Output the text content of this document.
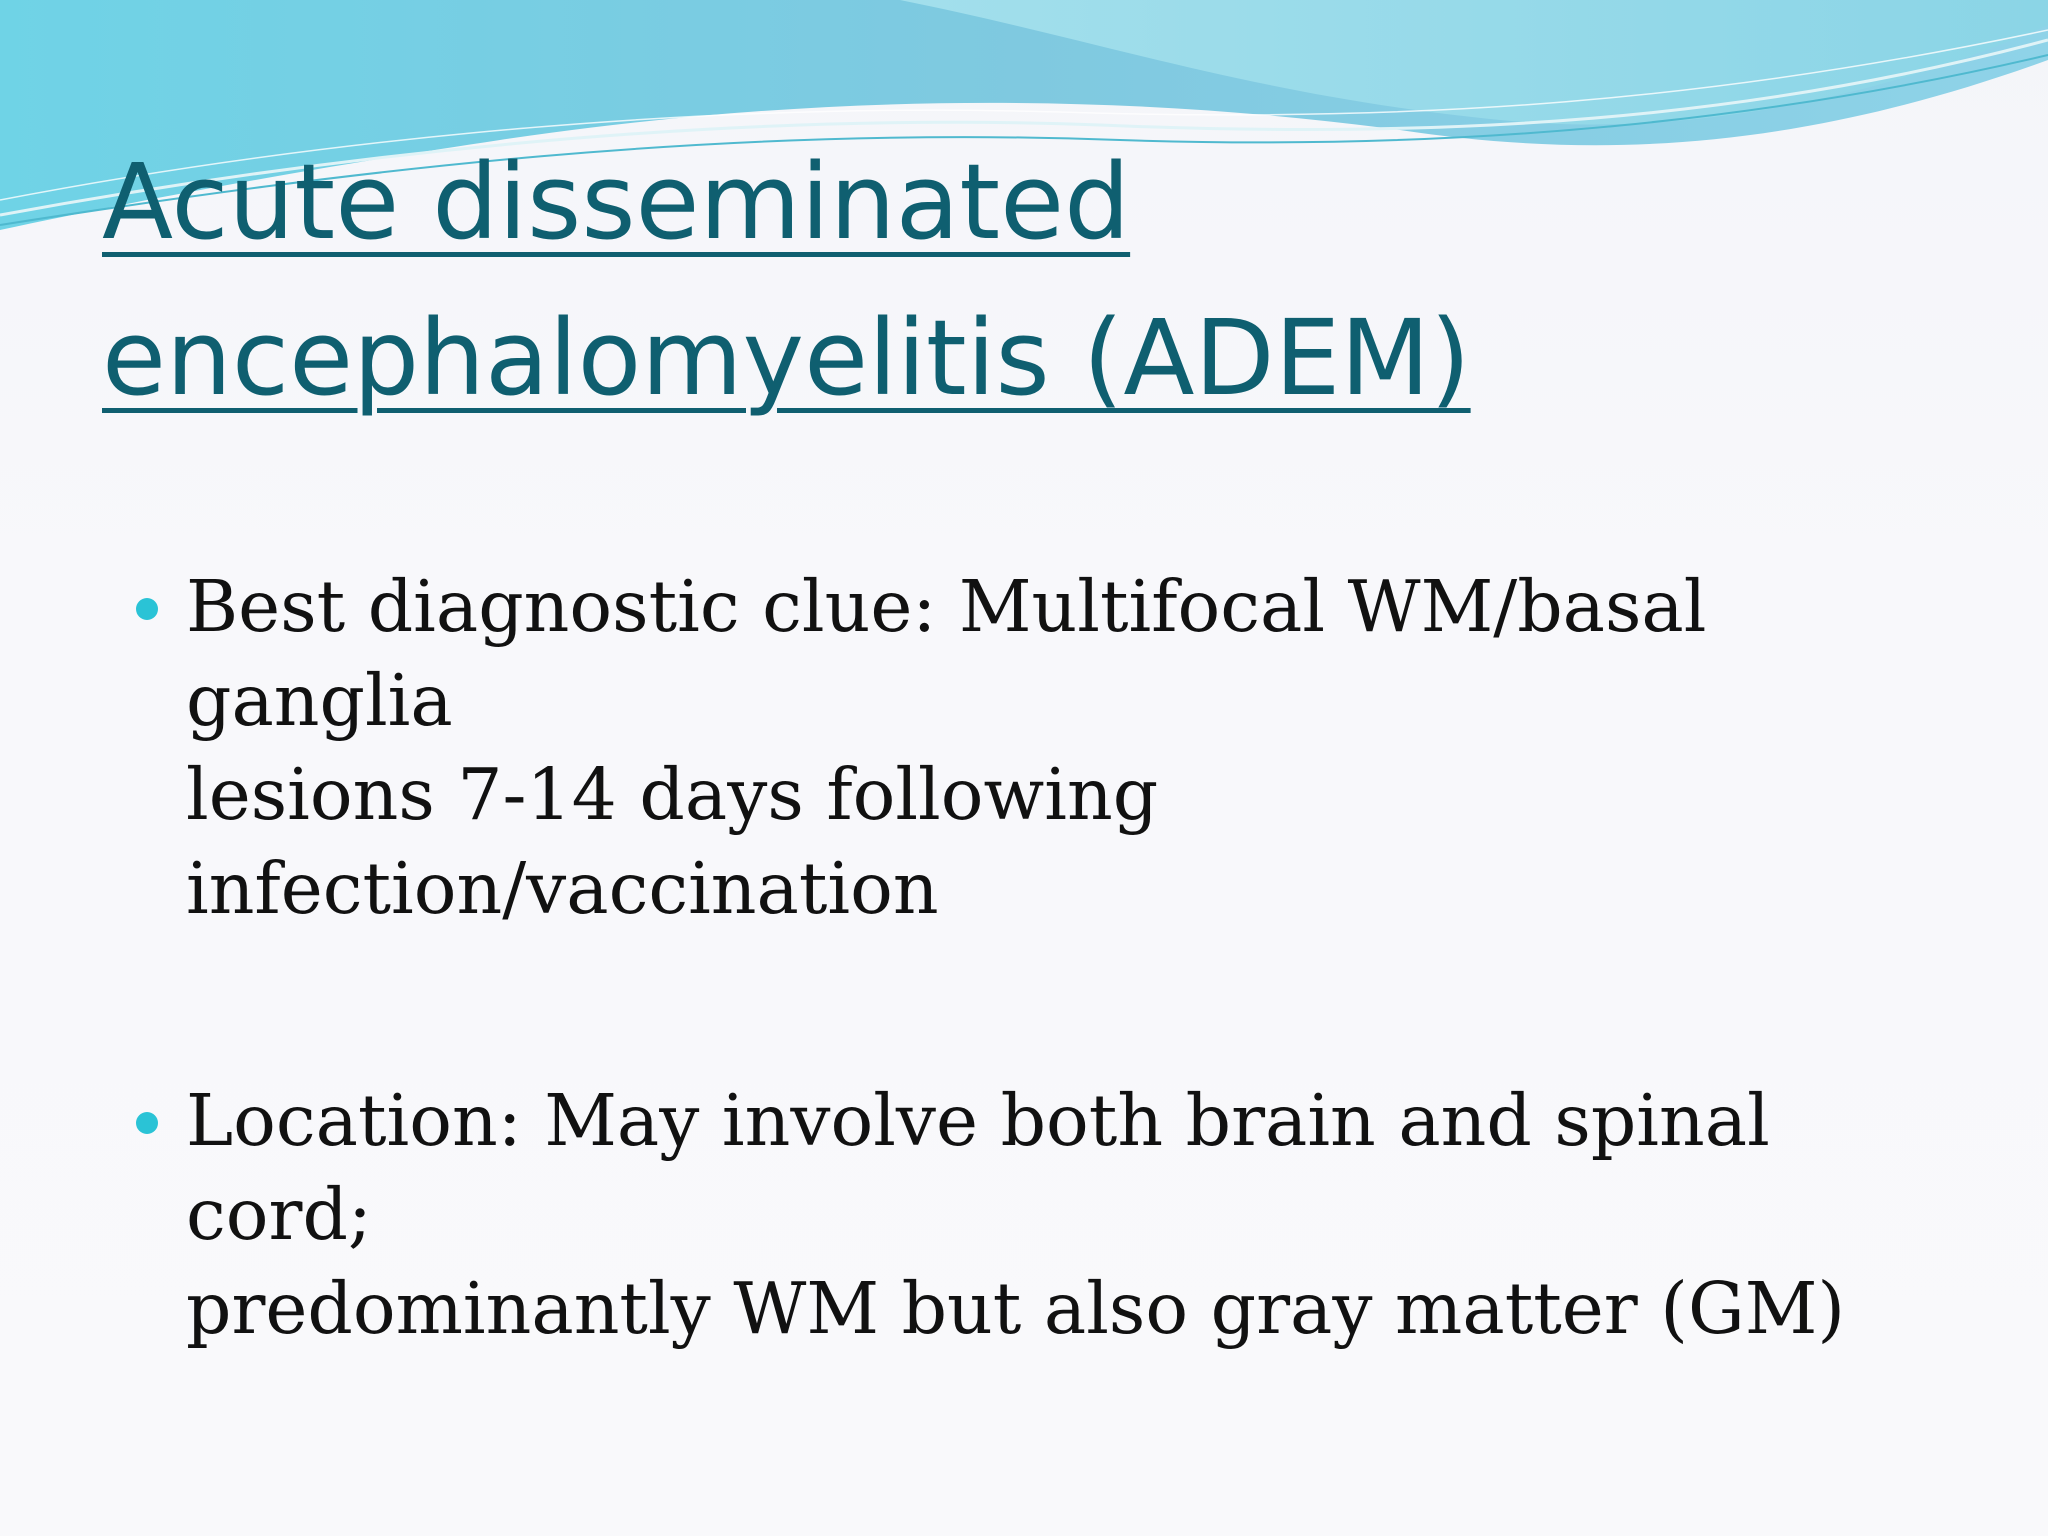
Acute disseminated
encephalomyelitis (ADEM)
Best diagnostic clue: Multifocal WM/basal ganglia
lesions 7-14 days following infection/vaccination
Location: May involve both brain and spinal cord;
predominantly WM but also gray matter (GM)
